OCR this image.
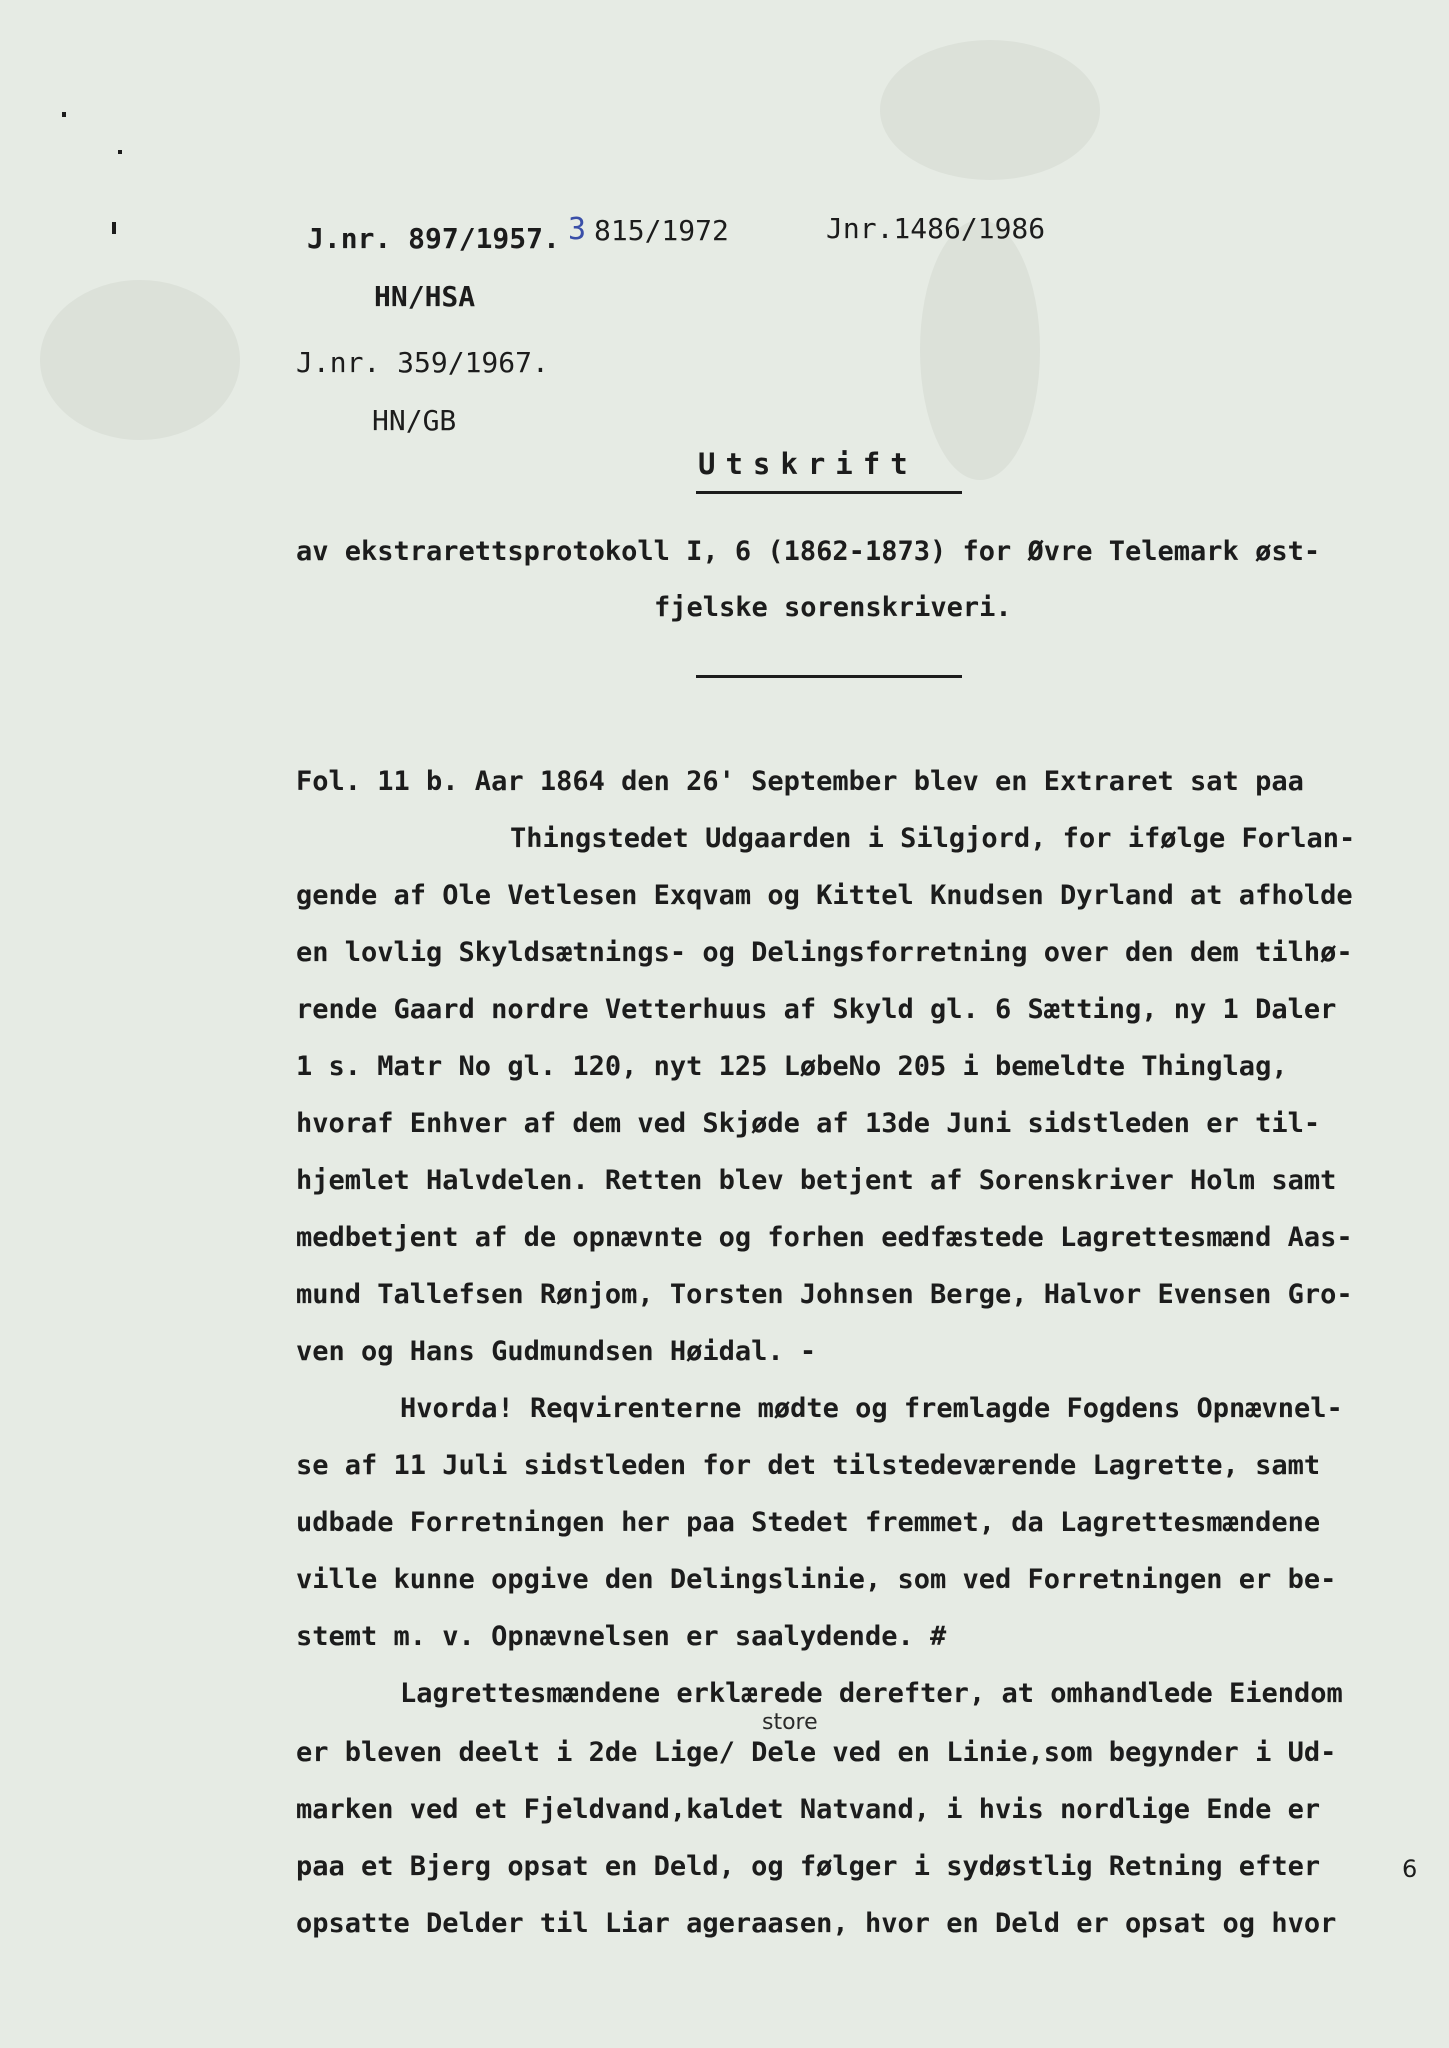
J.nr. 897/1957. 3 815/1972	Jnr.1486/1986
HN/HSA
J.nr. 359/1967.
HN/GB
Utskrift
av ekstrarettsprotokoll I, 6 (1862-1873) for Øvre Telemark øst-
fjelske sorenskriveri.
Fol. 11 b. Aar 1864 den 26' September blev en Extraret sat paa
Thingstedet Udgaarden i Silgjord, for ifølge Forlan-
gende af Ole Vetlesen Exqvam og Kittel Knudsen Dyrland at afholde
en lovlig Skyldsætnings- og Delingsforretning over den dem tilhø-
rende Gaard nordre Vetterhuus af Skyld gl. 6 Sætting, ny 1 Daler
1 s. Matr No gl. 120, nyt 125 LøbeNo 205 i bemeldte Thinglag,
hvoraf Enhver af dem ved Skjøde af 13de Juni sidstleden er til-
hjemlet Halvdelen. Retten blev betjent af Sorenskriver Holm samt
medbetjent af de opnævnte og forhen eedfæstede Lagrettesmænd Aas-
mund Tallefsen Rønjom, Torsten Johnsen Berge, Halvor Evensen Gro-
ven og Hans Gudmundsen Høidal. -
Hvorda! Reqvirenterne mødte og fremlagde Fogdens Opnævnel-
se af 11 Juli sidstleden for det tilstedeværende Lagrette, samt
udbade Forretningen her paa Stedet fremmet, da Lagrettesmændene
ville kunne opgive den Delingslinie, som ved Forretningen er be-
stemt m. v. Opnævnelsen er saalydende. #
Lagrettesmændene erklærede derefter, at omhandlede Eiendom
store
er bleven deelt i 2de Lige/ Dele ved en Linie,som begynder i Ud-
marken ved et Fjeldvand,kaldet Natvand, i hvis nordlige Ende er
paa et Bjerg opsat en Deld, og følger i sydøstlig Retning efter
opsatte Delder til Liar ageraasen, hvor en Deld er opsat og hvor
6
